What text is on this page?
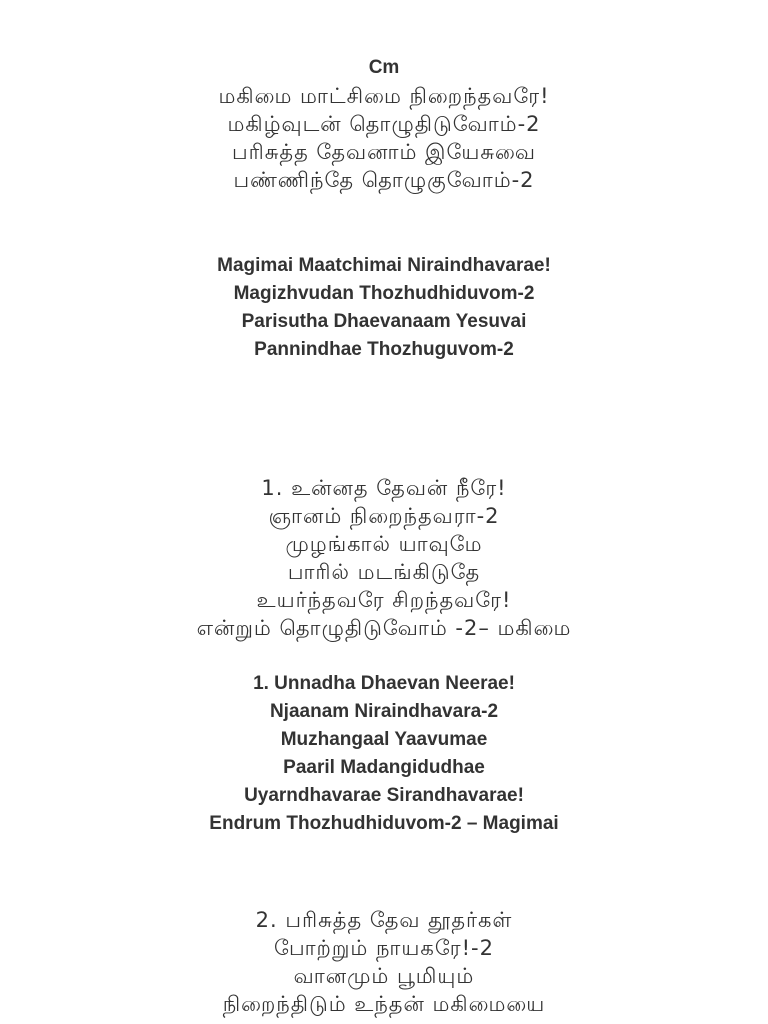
Cm
மகிமை மாட்சிமை நிறைந்தவரே!
மகிழ்வுடன் தொழுதிடுவோம்-2
பரிசுத்த தேவனாம் இயேசுவை
பண்ணிந்தே தொழுகுவோம்-2
Magimai Maatchimai Niraindhavarae!
Magizhvudan Thozhudhiduvom-2
Parisutha Dhaevanaam Yesuvai
Pannindhae Thozhuguvom-2
1. உன்னத தேவன் நீரே!
ஞானம் நிறைந்தவரா-2
முழங்கால் யாவுமே
பாரில் மடங்கிடுதே
உயர்ந்தவரே சிறந்தவரே!
என்றும் தொழுதிடுவோம் -2– மகிமை
1. Unnadha Dhaevan Neerae!
Njaanam Niraindhavara-2
Muzhangaal Yaavumae
Paaril Madangidudhae
Uyarndhavarae Sirandhavarae!
Endrum Thozhudhiduvom-2 – Magimai
2. பரிசுத்த தேவ தூதர்கள்
போற்றும் நாயகரே!-2
வானமும் பூமியும்
நிறைந்திடும் உந்தன் மகிமையை
